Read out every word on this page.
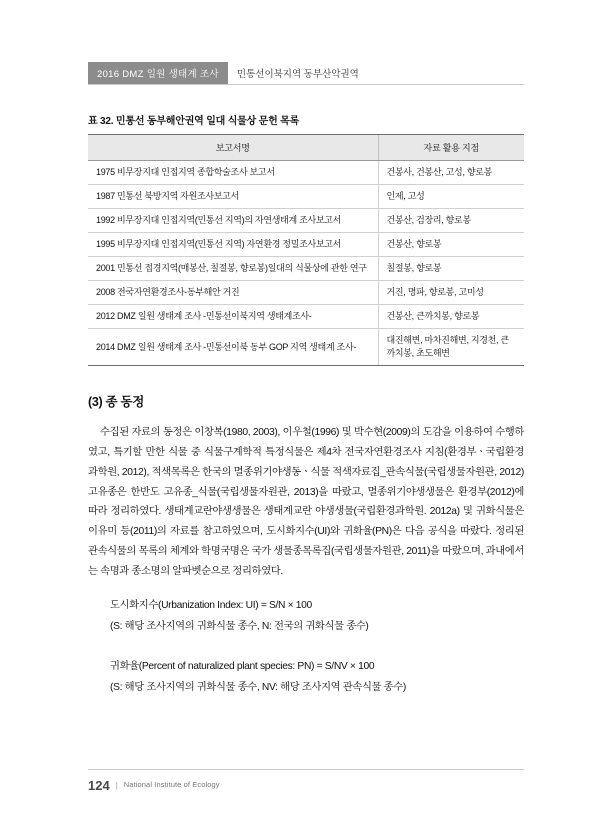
2016 DMZ 일원 생태계 조사	민통선이북지역 동부산악권역
표 32. 민통선 동부해안권역 일대 식물상 문헌 목록
보고서명	자료 활용 지점
1975 비무장지대 인접지역 종합학술조사 보고서	건봉사, 건봉산, 고성, 향로봉
1987 민통선 북방지역 자원조사보고서	인제, 고성
1992 비무장지대 인접지역(민통선 지역)의 자연생태계 조사보고서	건봉산, 검장리, 향로봉
1995 비무장지대 인접지역(민통선 지역) 자연환경 정밀조사보고서	건봉산, 향로봉
2001 민통선 접경지역(매봉산, 칠절봉, 향로봉)일대의 식물상에 관한 연구	칠절봉, 향로봉
2008 전국자연환경조사-동부해안 거진	거진, 명파, 향로봉, 고미성
2012 DMZ 일원 생태계 조사 -민통선이북지역 생태계조사-	건봉산, 큰까치봉, 향로봉
2014 DMZ 일원 생태계 조사 -민통선이북 동부 GOP 지역 생태계 조사-	대진해변, 마차진해변, 지경천, 큰까치봉, 초도해변
(3) 종 동정
수집된 자료의 동정은 이창복(1980, 2003), 이우철(1996) 및 박수현(2009)의 도감을 이용하여 수행하였고, 특기할 만한 식물 중 식물구계학적 특정식물은 제4차 전국자연환경조사 지침(환경부ㆍ국립환경과학원, 2012), 적색목록은 한국의 멸종위기야생동ㆍ식물 적색자료집_관속식물(국립생물자원관, 2012) 고유종은 한반도 고유종_식물(국립생물자원관, 2013)을 따랐고, 멸종위기야생생물은 환경부(2012)에 따라 정리하였다. 생태계교란야생생물은 생태계교란 야생생물(국립환경과학원. 2012a) 및 귀화식물은 이유미 등(2011)의 자료를 참고하였으며, 도시화지수(UI)와 귀화율(PN)은 다음 공식을 따랐다. 정리된 관속식물의 목록의 체계와 학명국명은 국가 생물종목록집(국립생물자원관, 2011)을 따랐으며, 과내에서는 속명과 종소명의 알파벳순으로 정리하였다.
도시화지수(Urbanization Index: UI) = S/N × 100
(S: 해당 조사지역의 귀화식물 종수, N: 전국의 귀화식물 종수)
귀화율(Percent of naturalized plant species: PN) = S/NV × 100
(S: 해당 조사지역의 귀화식물 종수, NV: 해당 조사지역 관속식물 종수)
124 | National Institute of Ecology
